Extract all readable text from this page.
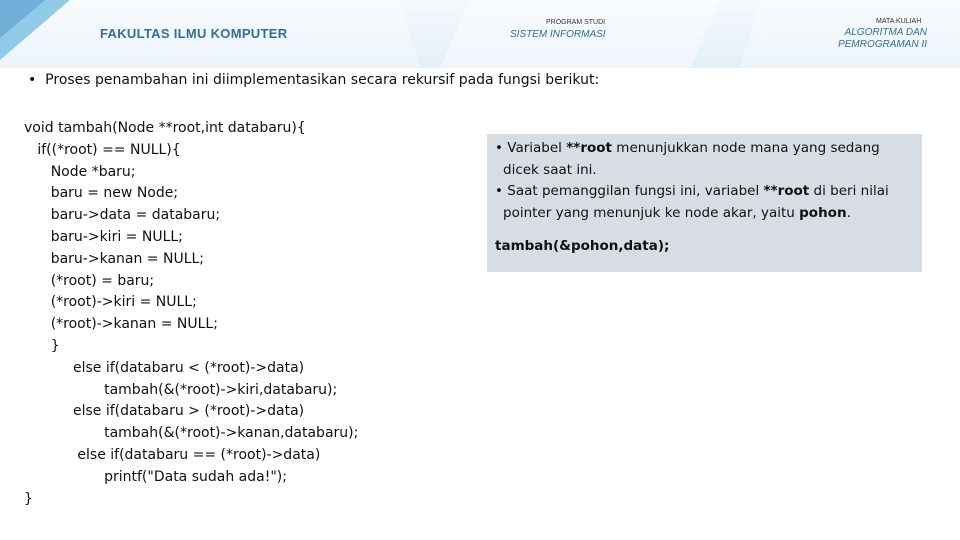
FAKULTAS ILMU KOMPUTER
PROGRAM STUDI
SISTEM INFORMASI
MATA KULIAH
ALGORITMA DAN
PEMROGRAMAN II
• Proses penambahan ini diimplementasikan secara rekursif pada fungsi berikut:
void tambah(Node **root,int databaru){
if((*root) == NULL){
Node *baru;
baru = new Node;
baru->data = databaru;
baru->kiri = NULL;
baru->kanan = NULL;
(*root) = baru;
(*root)->kiri = NULL;
(*root)->kanan = NULL;
}
else if(databaru < (*root)->data)
tambah(&(*root)->kiri,databaru);
else if(databaru > (*root)->data)
tambah(&(*root)->kanan,databaru);
else if(databaru == (*root)->data)
printf("Data sudah ada!");
}
• Variabel **root menunjukkan node mana yang sedang
dicek saat ini.
• Saat pemanggilan fungsi ini, variabel **root di beri nilai
pointer yang menunjuk ke node akar, yaitu pohon.
tambah(&pohon,data);
